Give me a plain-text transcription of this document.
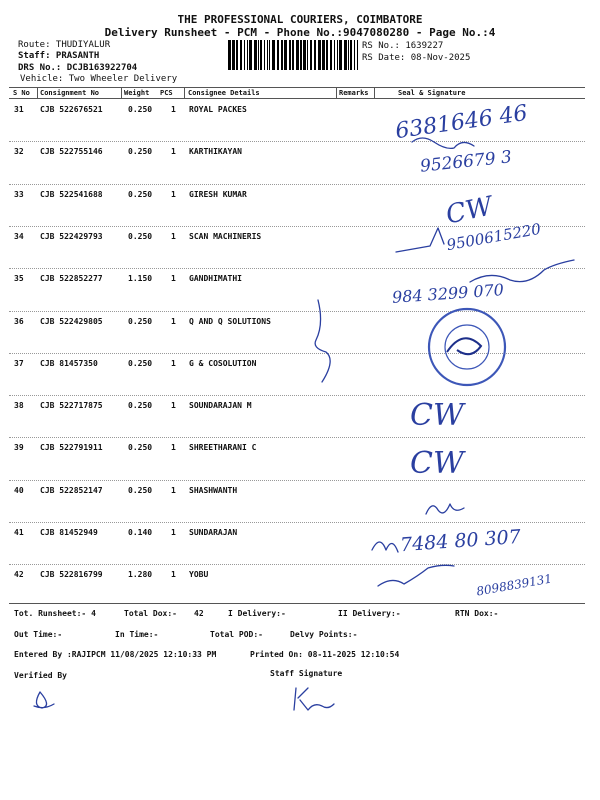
THE PROFESSIONAL COURIERS, COIMBATORE
Delivery Runsheet - PCM - Phone No.:9047080280 - Page No.:4
Route: THUDIYALUR
Staff: PRASANTH
DRS No.: DCJB163922704
Vehicle: Two Wheeler Delivery
RS No.: 1639227
RS Date: 08-Nov-2025
S No Consignment No	Weight PCS Consignee Details	Remarks	Seal & Signature
31 CJB 522676521	0.250 1 ROYAL PACKES
32 CJB 522755146	0.250 1 KARTHIKAYAN
33 CJB 522541688	0.250 1 GIRESH KUMAR
34 CJB 522429793	0.250 1 SCAN MACHINERIS
35 CJB 522852277	1.150 1 GANDHIMATHI
36 CJB 522429805	0.250 1 Q AND Q SOLUTIONS
37 CJB 81457350	0.250 1 G & COSOLUTION
38 CJB 522717875	0.250 1 SOUNDARAJAN M
39 CJB 522791911	0.250 1 SHREETHARANI C
40 CJB 522852147	0.250 1 SHASHWANTH
41 CJB 81452949	0.140 1 SUNDARAJAN
42 CJB 522816799	1.280 1 YOBU
6381646 46
9526679 3
CW
9500615220
984 3299 070
CW
CW
7484 80 307
8098839131
Tot. Runsheet:- 4	Total Dox:- 42	I Delivery:-	II Delivery:-	RTN Dox:-
Out Time:-	In Time:-	Total POD:-	Delvy Points:-
Entered By :RAJIPCM 11/08/2025 12:10:33 PM	Printed On: 08-11-2025 12:10:54
Verified By	Staff Signature
